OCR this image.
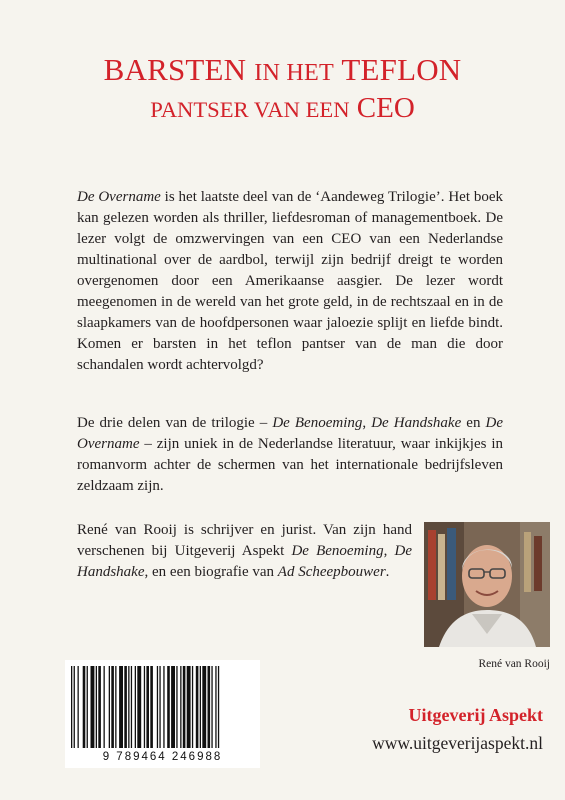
BARSTEN IN HET TEFLON
PANTSER VAN EEN CEO

De Overname is het laatste deel van de ‘Aandeweg Trilogie’. Het boek kan gelezen worden als thriller, liefdesroman of managementboek. De lezer volgt de omzwervingen van een CEO van een Nederlandse multinational over de aardbol, terwijl zijn bedrijf dreigt te worden overgenomen door een Amerikaanse aasgier. De lezer wordt meegenomen in de wereld van het grote geld, in de rechtszaal en in de slaapkamers van de hoofdpersonen waar jaloezie splijt en liefde bindt. Komen er barsten in het teflon pantser van de man die door schandalen wordt achtervolgd?

De drie delen van de trilogie – De Benoeming, De Handshake en De Overname – zijn uniek in de Nederlandse literatuur, waar inkijkjes in romanvorm achter de schermen van het internationale bedrijfsleven zeldzaam zijn.

René van Rooij is schrijver en jurist. Van zijn hand verschenen bij Uitgeverij Aspekt De Benoeming, De Handshake, en een biografie van Ad Scheepbouwer.

René van Rooij
9 789464 246988
Uitgeverij Aspekt
www.uitgeverijaspekt.nl
